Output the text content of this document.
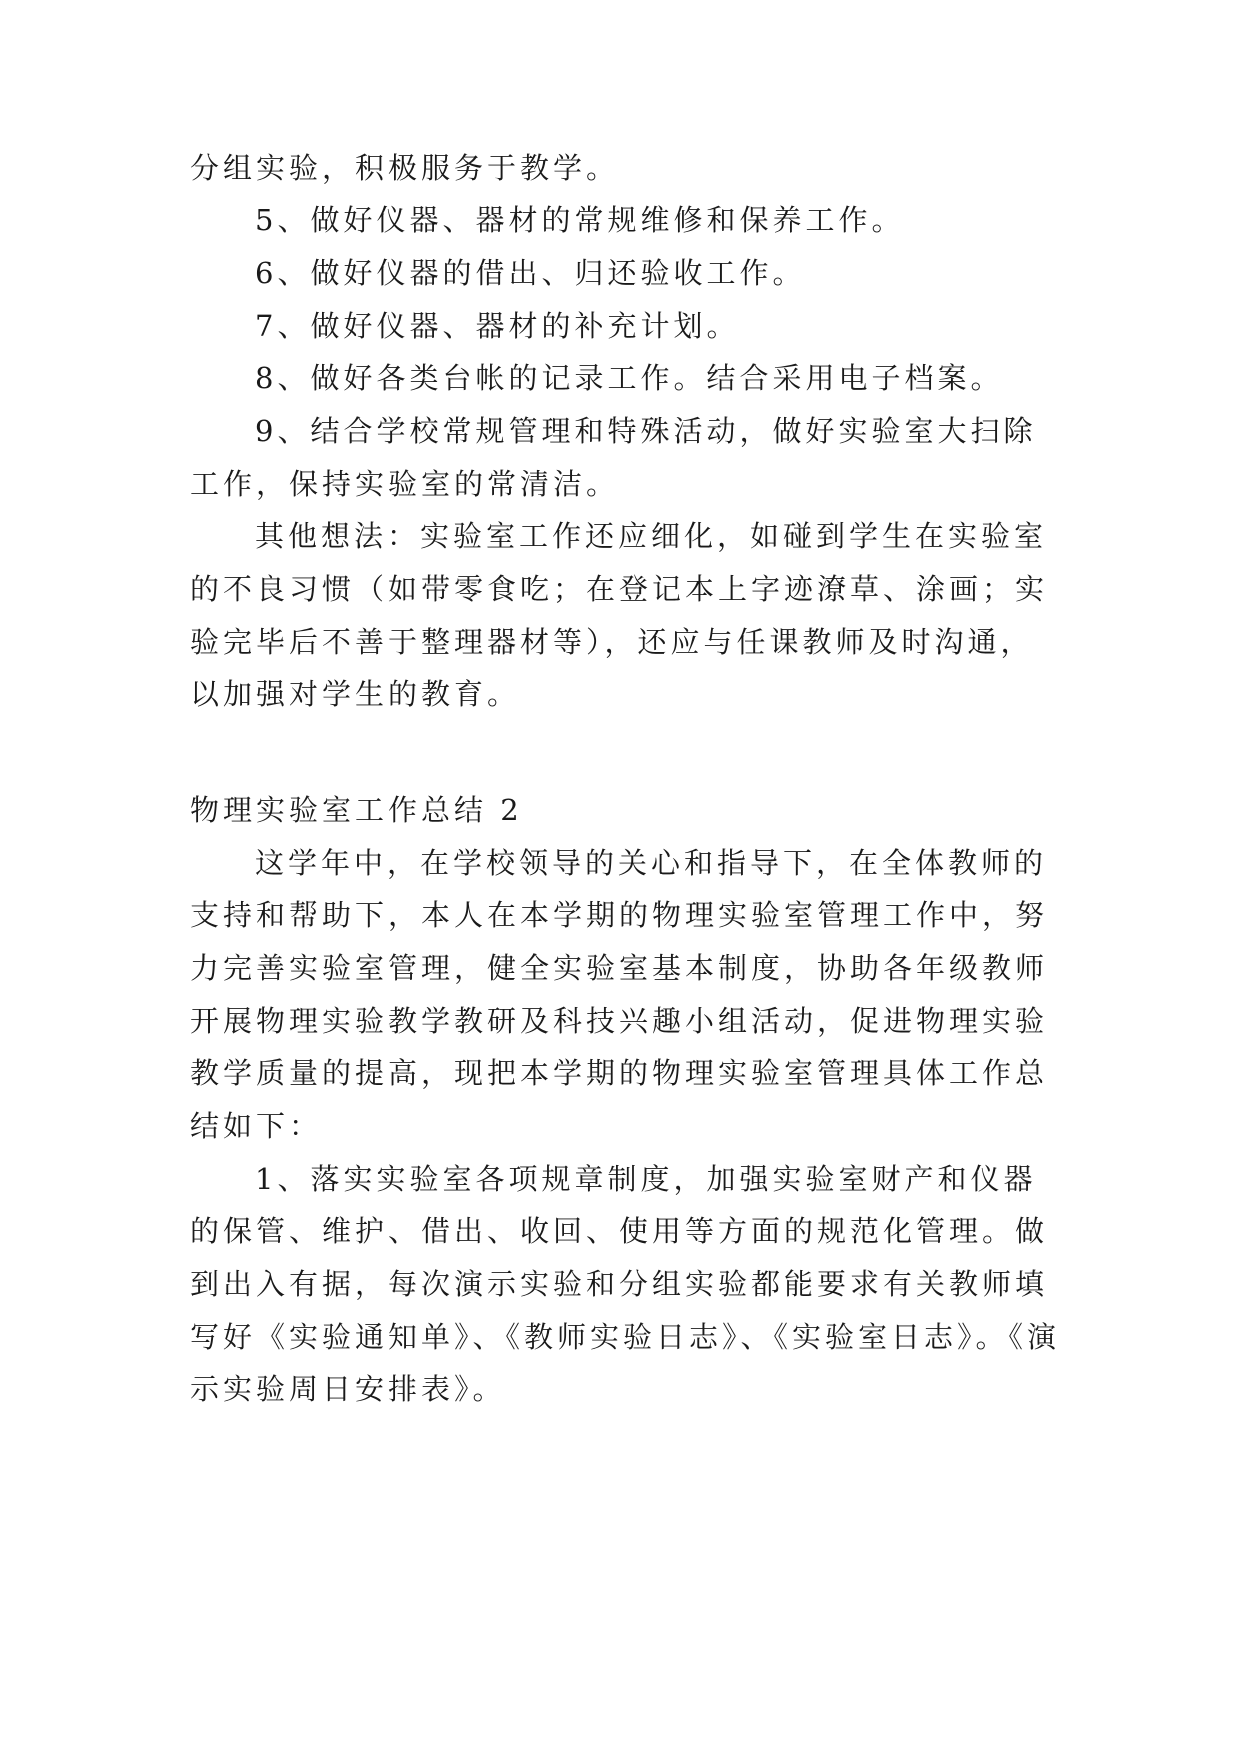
分组实验，积极服务于教学。
5、做好仪器、器材的常规维修和保养工作。
6、做好仪器的借出、归还验收工作。
7、做好仪器、器材的补充计划。
8、做好各类台帐的记录工作。结合采用电子档案。
9、结合学校常规管理和特殊活动，做好实验室大扫除
工作，保持实验室的常清洁。
其他想法：实验室工作还应细化，如碰到学生在实验室
的不良习惯（如带零食吃；在登记本上字迹潦草、涂画；实
验完毕后不善于整理器材等），还应与任课教师及时沟通，
以加强对学生的教育。
物理实验室工作总结 2
这学年中，在学校领导的关心和指导下，在全体教师的
支持和帮助下，本人在本学期的物理实验室管理工作中，努
力完善实验室管理，健全实验室基本制度，协助各年级教师
开展物理实验教学教研及科技兴趣小组活动，促进物理实验
教学质量的提高，现把本学期的物理实验室管理具体工作总
结如下：
1、落实实验室各项规章制度，加强实验室财产和仪器
的保管、维护、借出、收回、使用等方面的规范化管理。做
到出入有据，每次演示实验和分组实验都能要求有关教师填
写好《实验通知单》、《教师实验日志》、《实验室日志》。《演
示实验周日安排表》。
